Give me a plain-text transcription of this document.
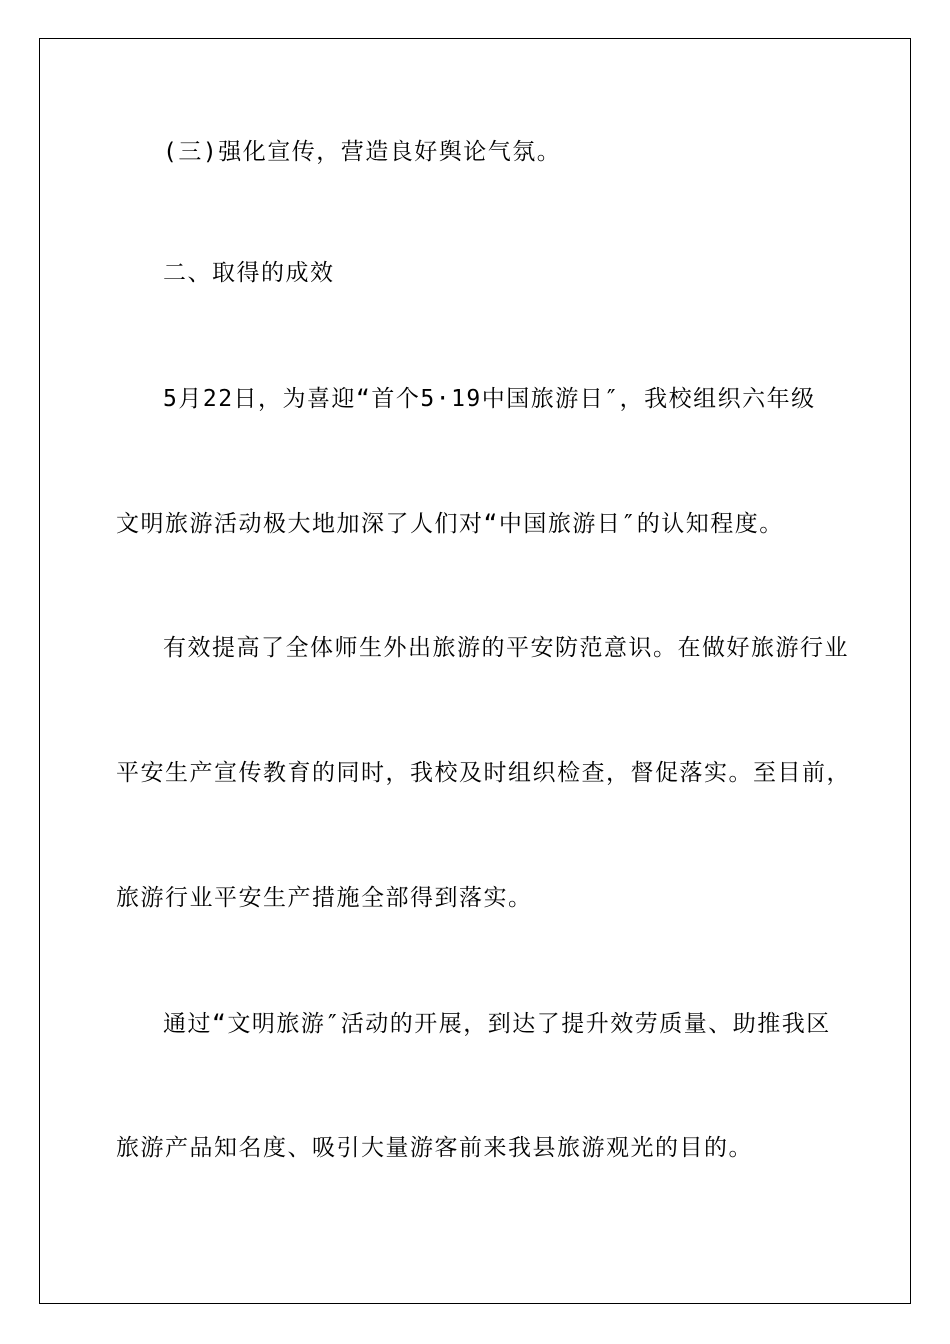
(三)强化宣传，营造良好舆论气氛。
二、取得的成效
5月22日，为喜迎“首个5·19中国旅游日″，我校组织六年级
文明旅游活动极大地加深了人们对“中国旅游日″的认知程度。
有效提高了全体师生外出旅游的平安防范意识。在做好旅游行业
平安生产宣传教育的同时，我校及时组织检查，督促落实。至目前，
旅游行业平安生产措施全部得到落实。
通过“文明旅游″活动的开展，到达了提升效劳质量、助推我区
旅游产品知名度、吸引大量游客前来我县旅游观光的目的。
